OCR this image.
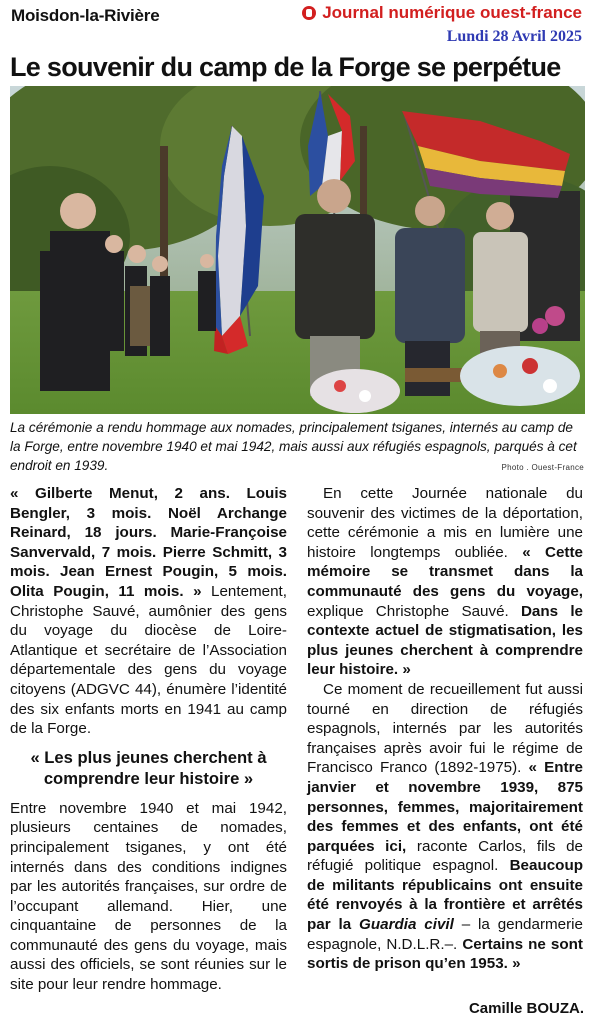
Moisdon-la-Rivière	Journal numérique ouest-france
Lundi 28 Avril 2025
Le souvenir du camp de la Forge se perpétue
La cérémonie a rendu hommage aux nomades, principalement tsiganes, internés au camp de la Forge, entre novembre 1940 et mai 1942, mais aussi aux réfugiés espagnols, parqués à cet endroit en 1939.	Photo . Ouest-France

« Gilberte Menut, 2 ans. Louis Bengler, 3 mois. Noël Archange Reinard, 18 jours. Marie-Françoise Sanvervald, 7 mois. Pierre Schmitt, 3 mois. Jean Ernest Pougin, 5 mois. Olita Pougin, 11 mois. » Lentement, Christophe Sauvé, aumônier des gens du voyage du diocèse de Loire-Atlantique et secrétaire de l’Association départementale des gens du voyage citoyens (ADGVC 44), énumère l’identité des six enfants morts en 1941 au camp de la Forge.

« Les plus jeunes cherchent à comprendre leur histoire »

Entre novembre 1940 et mai 1942, plusieurs centaines de nomades, principalement tsiganes, y ont été internés dans des conditions indignes par les autorités françaises, sur ordre de l’occupant allemand. Hier, une cinquantaine de personnes de la communauté des gens du voyage, mais aussi des officiels, se sont réunies sur le site pour leur rendre hommage.

En cette Journée nationale du souvenir des victimes de la déportation, cette cérémonie a mis en lumière une histoire longtemps oubliée. « Cette mémoire se transmet dans la communauté des gens du voyage, explique Christophe Sauvé. Dans le contexte actuel de stigmatisation, les plus jeunes cherchent à comprendre leur histoire. »

Ce moment de recueillement fut aussi tourné en direction de réfugiés espagnols, internés par les autorités françaises après avoir fui le régime de Francisco Franco (1892-1975). « Entre janvier et novembre 1939, 875 personnes, femmes, majoritairement des femmes et des enfants, ont été parquées ici, raconte Carlos, fils de réfugié politique espagnol. Beaucoup de militants républicains ont ensuite été renvoyés à la frontière et arrêtés par la Guardia civil – la gendarmerie espagnole, N.D.L.R.–. Certains ne sont sortis de prison qu’en 1953. »

Camille BOUZA.
